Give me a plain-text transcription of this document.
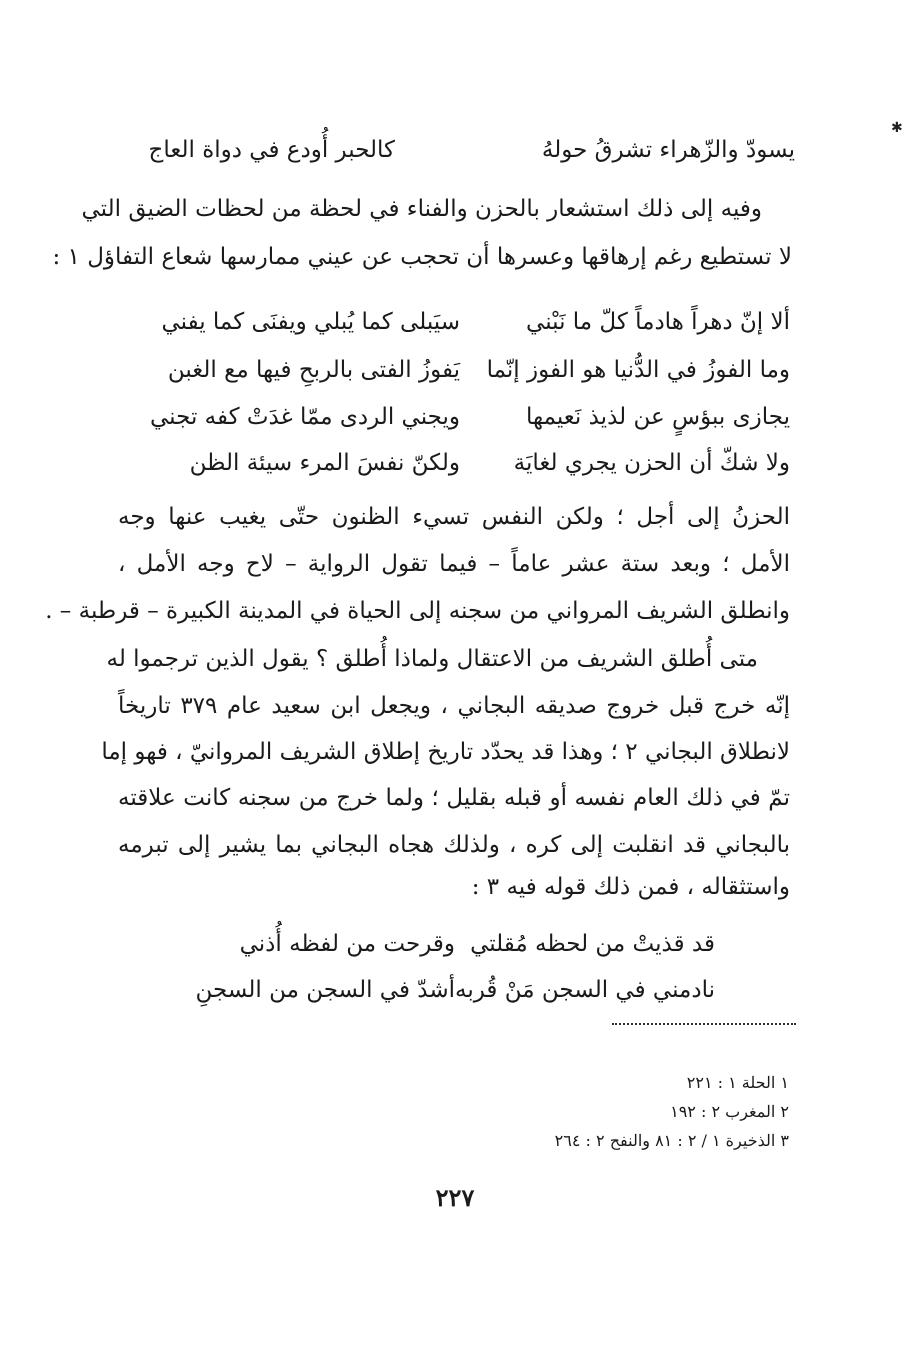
✱
يسودّ والزّهراء تشرقُ حولهُ
كالحبر أُودع في دواة العاج
وفيه إلى ذلك استشعار بالحزن والفناء في لحظة من لحظات الضيق التي
لا تستطيع رغم إرهاقها وعسرها أن تحجب عن عيني ممارسها شعاع التفاؤل ١ :
ألا إنّ دهراً هادماً كلّ ما نَبْني
سيَبلى كما يُبلي ويفنَى كما يفني
وما الفوزُ في الدُّنيا هو الفوز إنّما
يَفوزُ الفتى بالربحِ فيها مع الغبن
يجازى ببؤسٍ عن لذيذ نَعيمها
ويجني الردى ممّا غدَتْ كفه تجني
ولا شكّ أن الحزن يجري لغايَة
ولكنّ نفسَ المرء سيئة الظن
الحزنُ إلى أجل ؛ ولكن النفس تسيء الظنون حتّى يغيب عنها وجه
الأمل ؛ وبعد ستة عشر عاماً – فيما تقول الرواية – لاح وجه الأمل ،
وانطلق الشريف المرواني من سجنه إلى الحياة في المدينة الكبيرة – قرطبة – .
متى أُطلق الشريف من الاعتقال ولماذا أُطلق ؟ يقول الذين ترجموا له
إنّه خرج قبل خروج صديقه البجاني ، ويجعل ابن سعيد عام ٣٧٩ تاريخاً
لانطلاق البجاني ٢ ؛ وهذا قد يحدّد تاريخ إطلاق الشريف المروانيّ ، فهو إما
تمّ في ذلك العام نفسه أو قبله بقليل ؛ ولما خرج من سجنه كانت علاقته
بالبجاني قد انقلبت إلى كره ، ولذلك هجاه البجاني بما يشير إلى تبرمه
واستثقاله ، فمن ذلك قوله فيه ٣ :
قد قذيتْ من لحظه مُقلتي
وقرحت من لفظه أُذني
نادمني في السجن مَنْ قُربه
أشدّ في السجن من السجنِ
١ الحلة ١ : ٢٢١
٢ المغرب ٢ : ١٩٢
٣ الذخيرة ١ / ٢ : ٨١ والنفح ٢ : ٢٦٤
٢٢٧
